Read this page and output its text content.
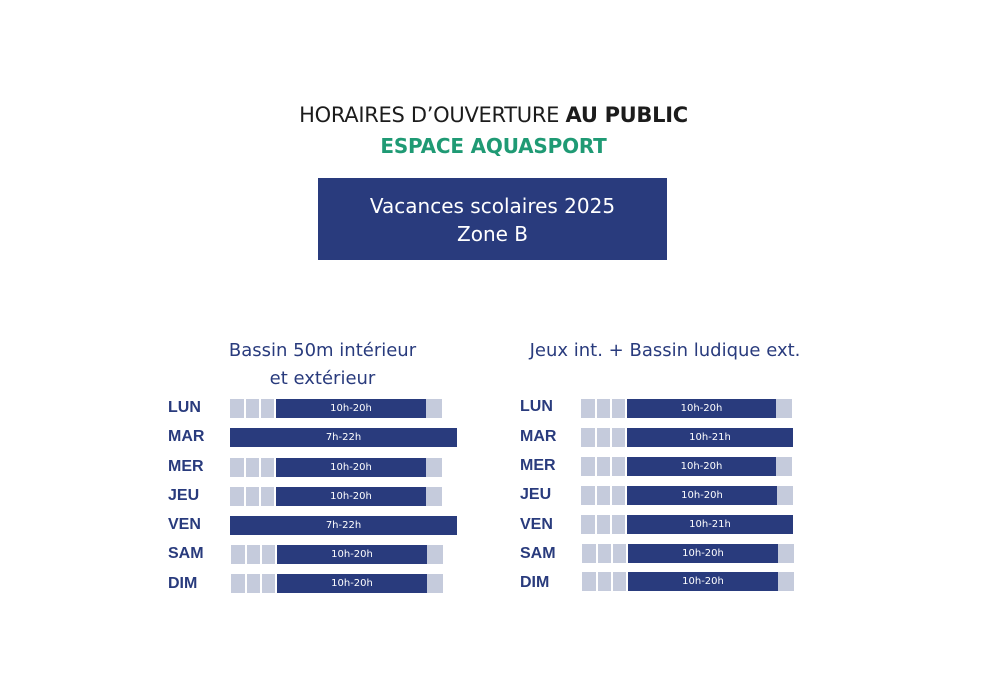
HORAIRES D’OUVERTURE AU PUBLIC
ESPACE AQUASPORT
Vacances scolaires 2025
Zone B
Bassin 50m intérieur
et extérieur
LUN	10h-20h
MAR	7h-22h
MER	10h-20h
JEU	10h-20h
VEN	7h-22h
SAM	10h-20h
DIM	10h-20h
Jeux int. + Bassin ludique ext.
LUN	10h-20h
MAR	10h-21h
MER	10h-20h
JEU	10h-20h
VEN	10h-21h
SAM	10h-20h
DIM	10h-20h
